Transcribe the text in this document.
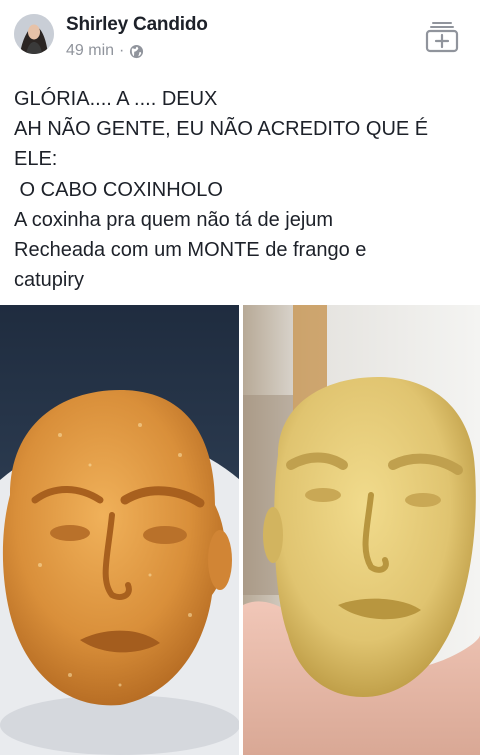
Shirley Candido
49 min ·
GLÓRIA.... A .... DEUX
AH NÃO GENTE, EU NÃO ACREDITO QUE É
ELE:
O CABO COXINHOLO
A coxinha pra quem não tá de jejum
Recheada com um MONTE de frango e
catupiry
